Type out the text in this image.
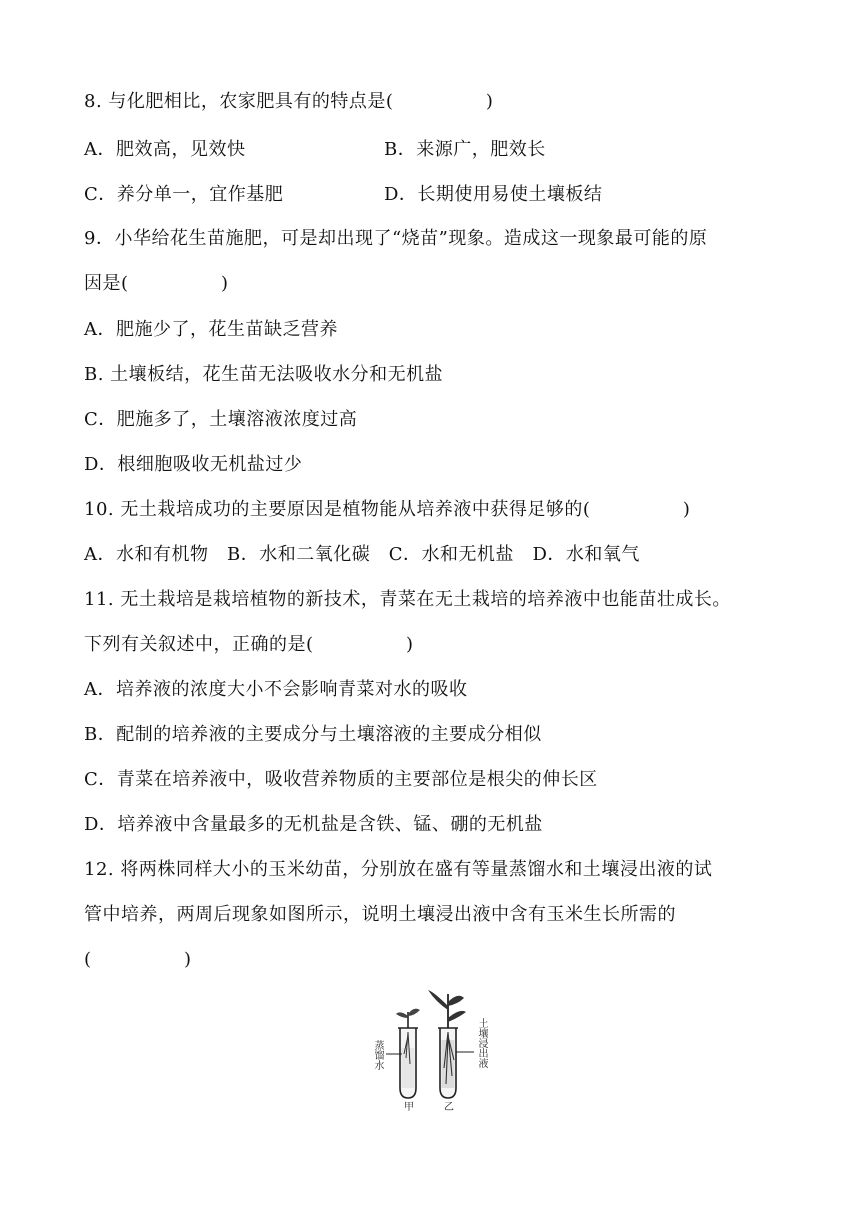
8. 与化肥相比，农家肥具有的特点是(　　　　　)
A．肥效高，见效快	B．来源广，肥效长
C．养分单一，宜作基肥	D．长期使用易使土壤板结
9．小华给花生苗施肥，可是却出现了“烧苗”现象。造成这一现象最可能的原
因是(　　　　　)
A．肥施少了，花生苗缺乏营养
B. 土壤板结，花生苗无法吸收水分和无机盐
C．肥施多了，土壤溶液浓度过高
D．根细胞吸收无机盐过少
10. 无土栽培成功的主要原因是植物能从培养液中获得足够的(　　　　　)
A．水和有机物　B．水和二氧化碳　C．水和无机盐　D．水和氧气
11. 无土栽培是栽培植物的新技术，青菜在无土栽培的培养液中也能苗壮成长。
下列有关叙述中，正确的是(　　　　　)
A．培养液的浓度大小不会影响青菜对水的吸收
B．配制的培养液的主要成分与土壤溶液的主要成分相似
C．青菜在培养液中，吸收营养物质的主要部位是根尖的伸长区
D．培养液中含量最多的无机盐是含铁、锰、硼的无机盐
12. 将两株同样大小的玉米幼苗，分别放在盛有等量蒸馏水和土壤浸出液的试
管中培养，两周后现象如图所示，说明土壤浸出液中含有玉米生长所需的
(　　　　　)
甲	乙
蒸馏水	土壤浸出液
